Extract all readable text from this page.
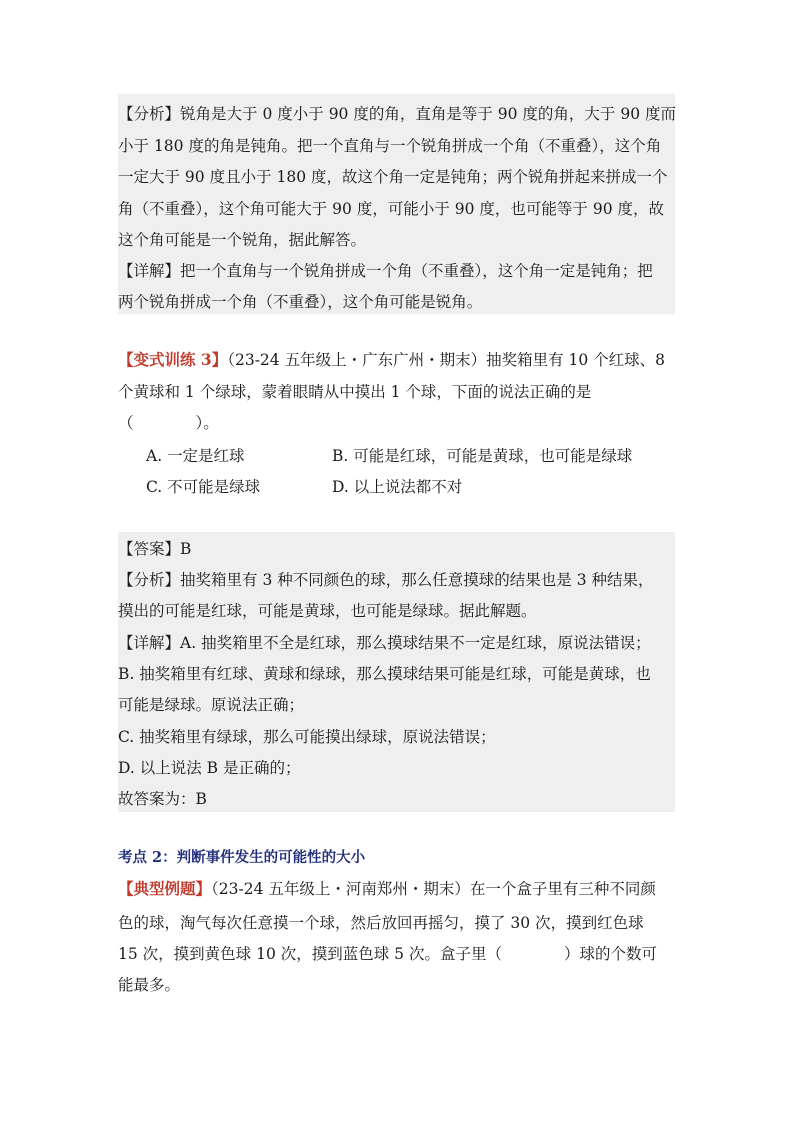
【分析】锐角是大于 0 度小于 90 度的角，直角是等于 90 度的角，大于 90 度而
小于 180 度的角是钝角。把一个直角与一个锐角拼成一个角（不重叠），这个角
一定大于 90 度且小于 180 度，故这个角一定是钝角；两个锐角拼起来拼成一个
角（不重叠），这个角可能大于 90 度，可能小于 90 度，也可能等于 90 度，故
这个角可能是一个锐角，据此解答。
【详解】把一个直角与一个锐角拼成一个角（不重叠），这个角一定是钝角；把
两个锐角拼成一个角（不重叠），这个角可能是锐角。
【变式训练 3】（23-24 五年级上・广东广州・期末）抽奖箱里有 10 个红球、8
个黄球和 1 个绿球，蒙着眼睛从中摸出 1 个球，下面的说法正确的是
（　　　　）。
A. 一定是红球	B. 可能是红球，可能是黄球，也可能是绿球
C. 不可能是绿球	D. 以上说法都不对
【答案】B
【分析】抽奖箱里有 3 种不同颜色的球，那么任意摸球的结果也是 3 种结果，
摸出的可能是红球，可能是黄球，也可能是绿球。据此解题。
【详解】A. 抽奖箱里不全是红球，那么摸球结果不一定是红球，原说法错误；
B. 抽奖箱里有红球、黄球和绿球，那么摸球结果可能是红球，可能是黄球，也
可能是绿球。原说法正确；
C. 抽奖箱里有绿球，那么可能摸出绿球，原说法错误；
D. 以上说法 B 是正确的；
故答案为：B
考点 2：判断事件发生的可能性的大小
【典型例题】（23-24 五年级上・河南郑州・期末）在一个盒子里有三种不同颜
色的球，淘气每次任意摸一个球，然后放回再摇匀，摸了 30 次，摸到红色球
15 次，摸到黄色球 10 次，摸到蓝色球 5 次。盒子里（　　　　）球的个数可
能最多。
